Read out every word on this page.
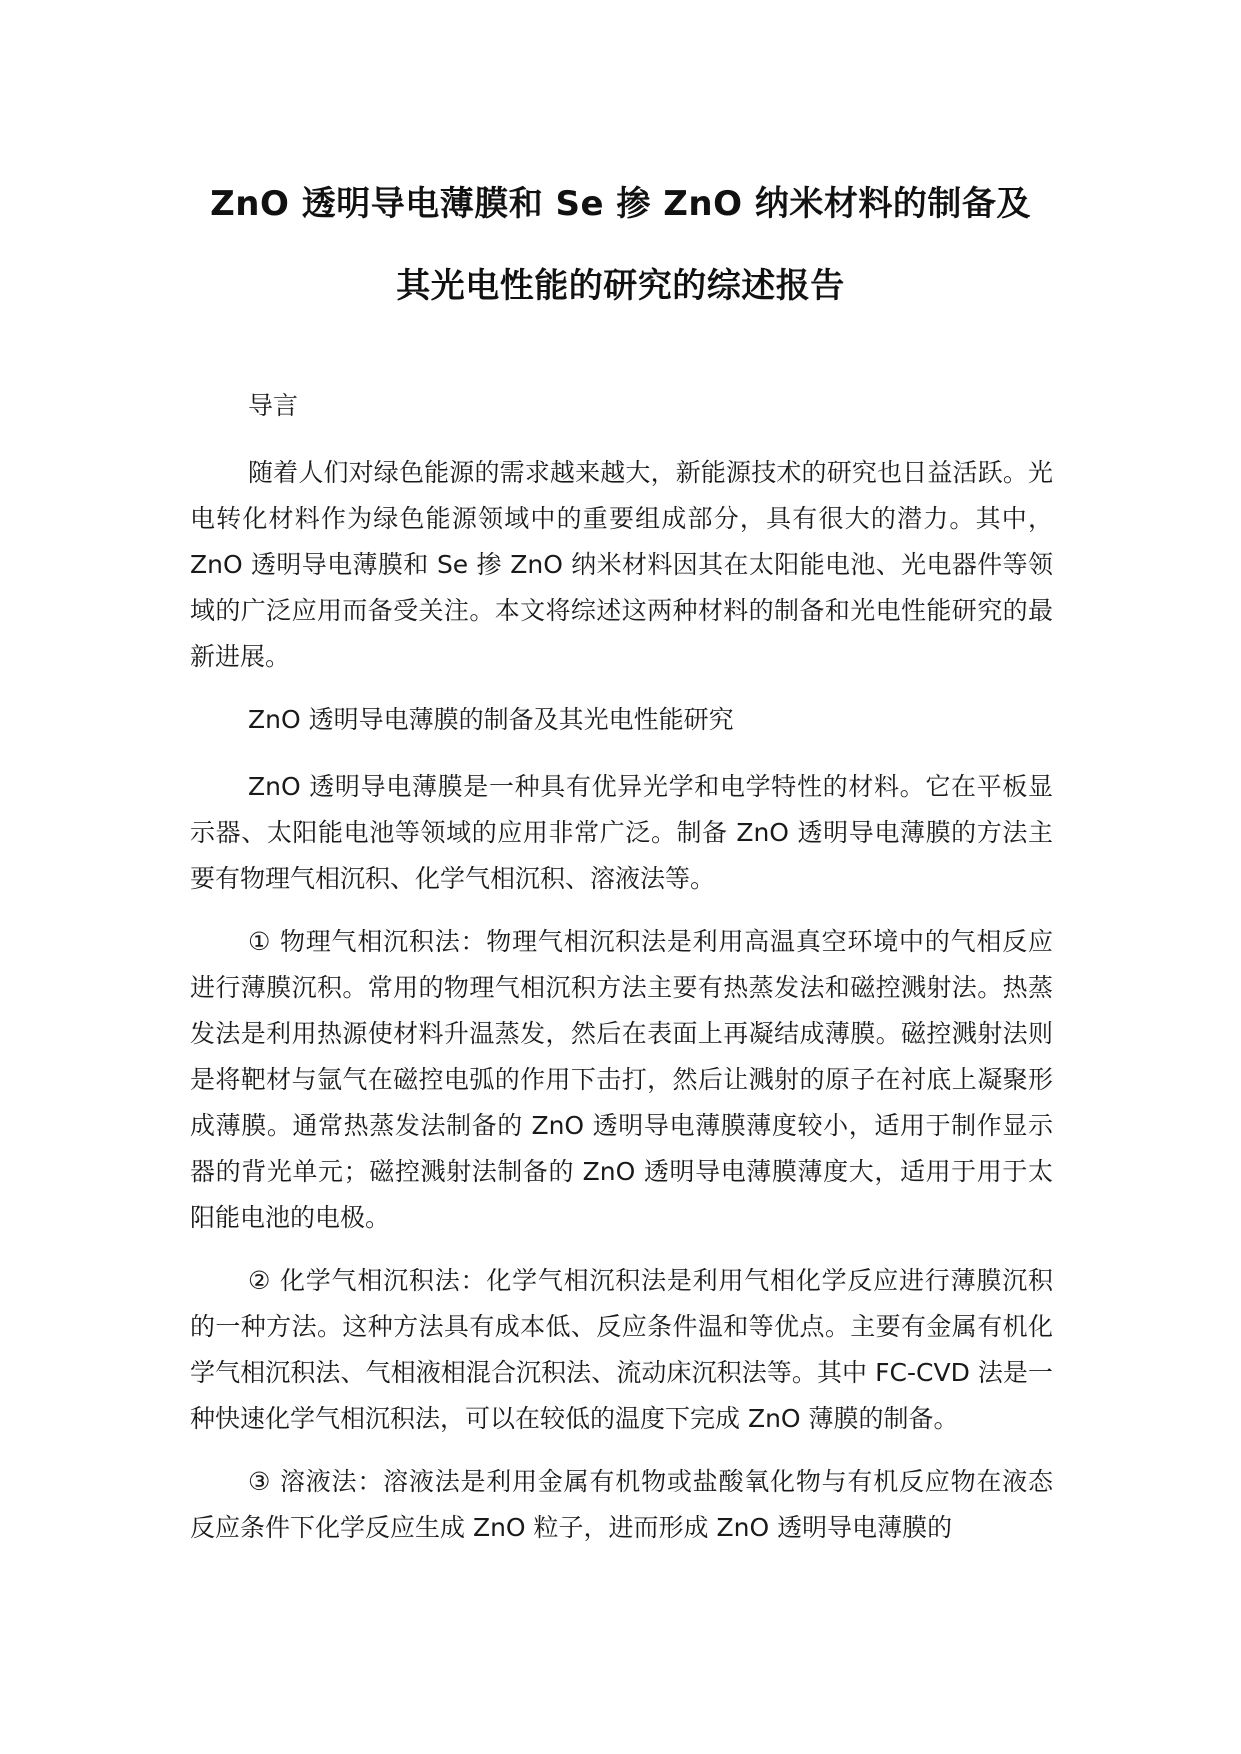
ZnO 透明导电薄膜和 Se 掺 ZnO 纳米材料的制备及
其光电性能的研究的综述报告

导言

随着人们对绿色能源的需求越来越大，新能源技术的研究也日益活跃。光电转化材料作为绿色能源领域中的重要组成部分，具有很大的潜力。其中，ZnO 透明导电薄膜和 Se 掺 ZnO 纳米材料因其在太阳能电池、光电器件等领域的广泛应用而备受关注。本文将综述这两种材料的制备和光电性能研究的最新进展。

ZnO 透明导电薄膜的制备及其光电性能研究

ZnO 透明导电薄膜是一种具有优异光学和电学特性的材料。它在平板显示器、太阳能电池等领域的应用非常广泛。制备 ZnO 透明导电薄膜的方法主要有物理气相沉积、化学气相沉积、溶液法等。

① 物理气相沉积法：物理气相沉积法是利用高温真空环境中的气相反应进行薄膜沉积。常用的物理气相沉积方法主要有热蒸发法和磁控溅射法。热蒸发法是利用热源使材料升温蒸发，然后在表面上再凝结成薄膜。磁控溅射法则是将靶材与氩气在磁控电弧的作用下击打，然后让溅射的原子在衬底上凝聚形成薄膜。通常热蒸发法制备的 ZnO 透明导电薄膜薄度较小，适用于制作显示器的背光单元；磁控溅射法制备的 ZnO 透明导电薄膜薄度大，适用于用于太阳能电池的电极。

② 化学气相沉积法：化学气相沉积法是利用气相化学反应进行薄膜沉积的一种方法。这种方法具有成本低、反应条件温和等优点。主要有金属有机化学气相沉积法、气相液相混合沉积法、流动床沉积法等。其中 FC-CVD 法是一种快速化学气相沉积法，可以在较低的温度下完成 ZnO 薄膜的制备。

③ 溶液法：溶液法是利用金属有机物或盐酸氧化物与有机反应物在液态反应条件下化学反应生成 ZnO 粒子，进而形成 ZnO 透明导电薄膜的
